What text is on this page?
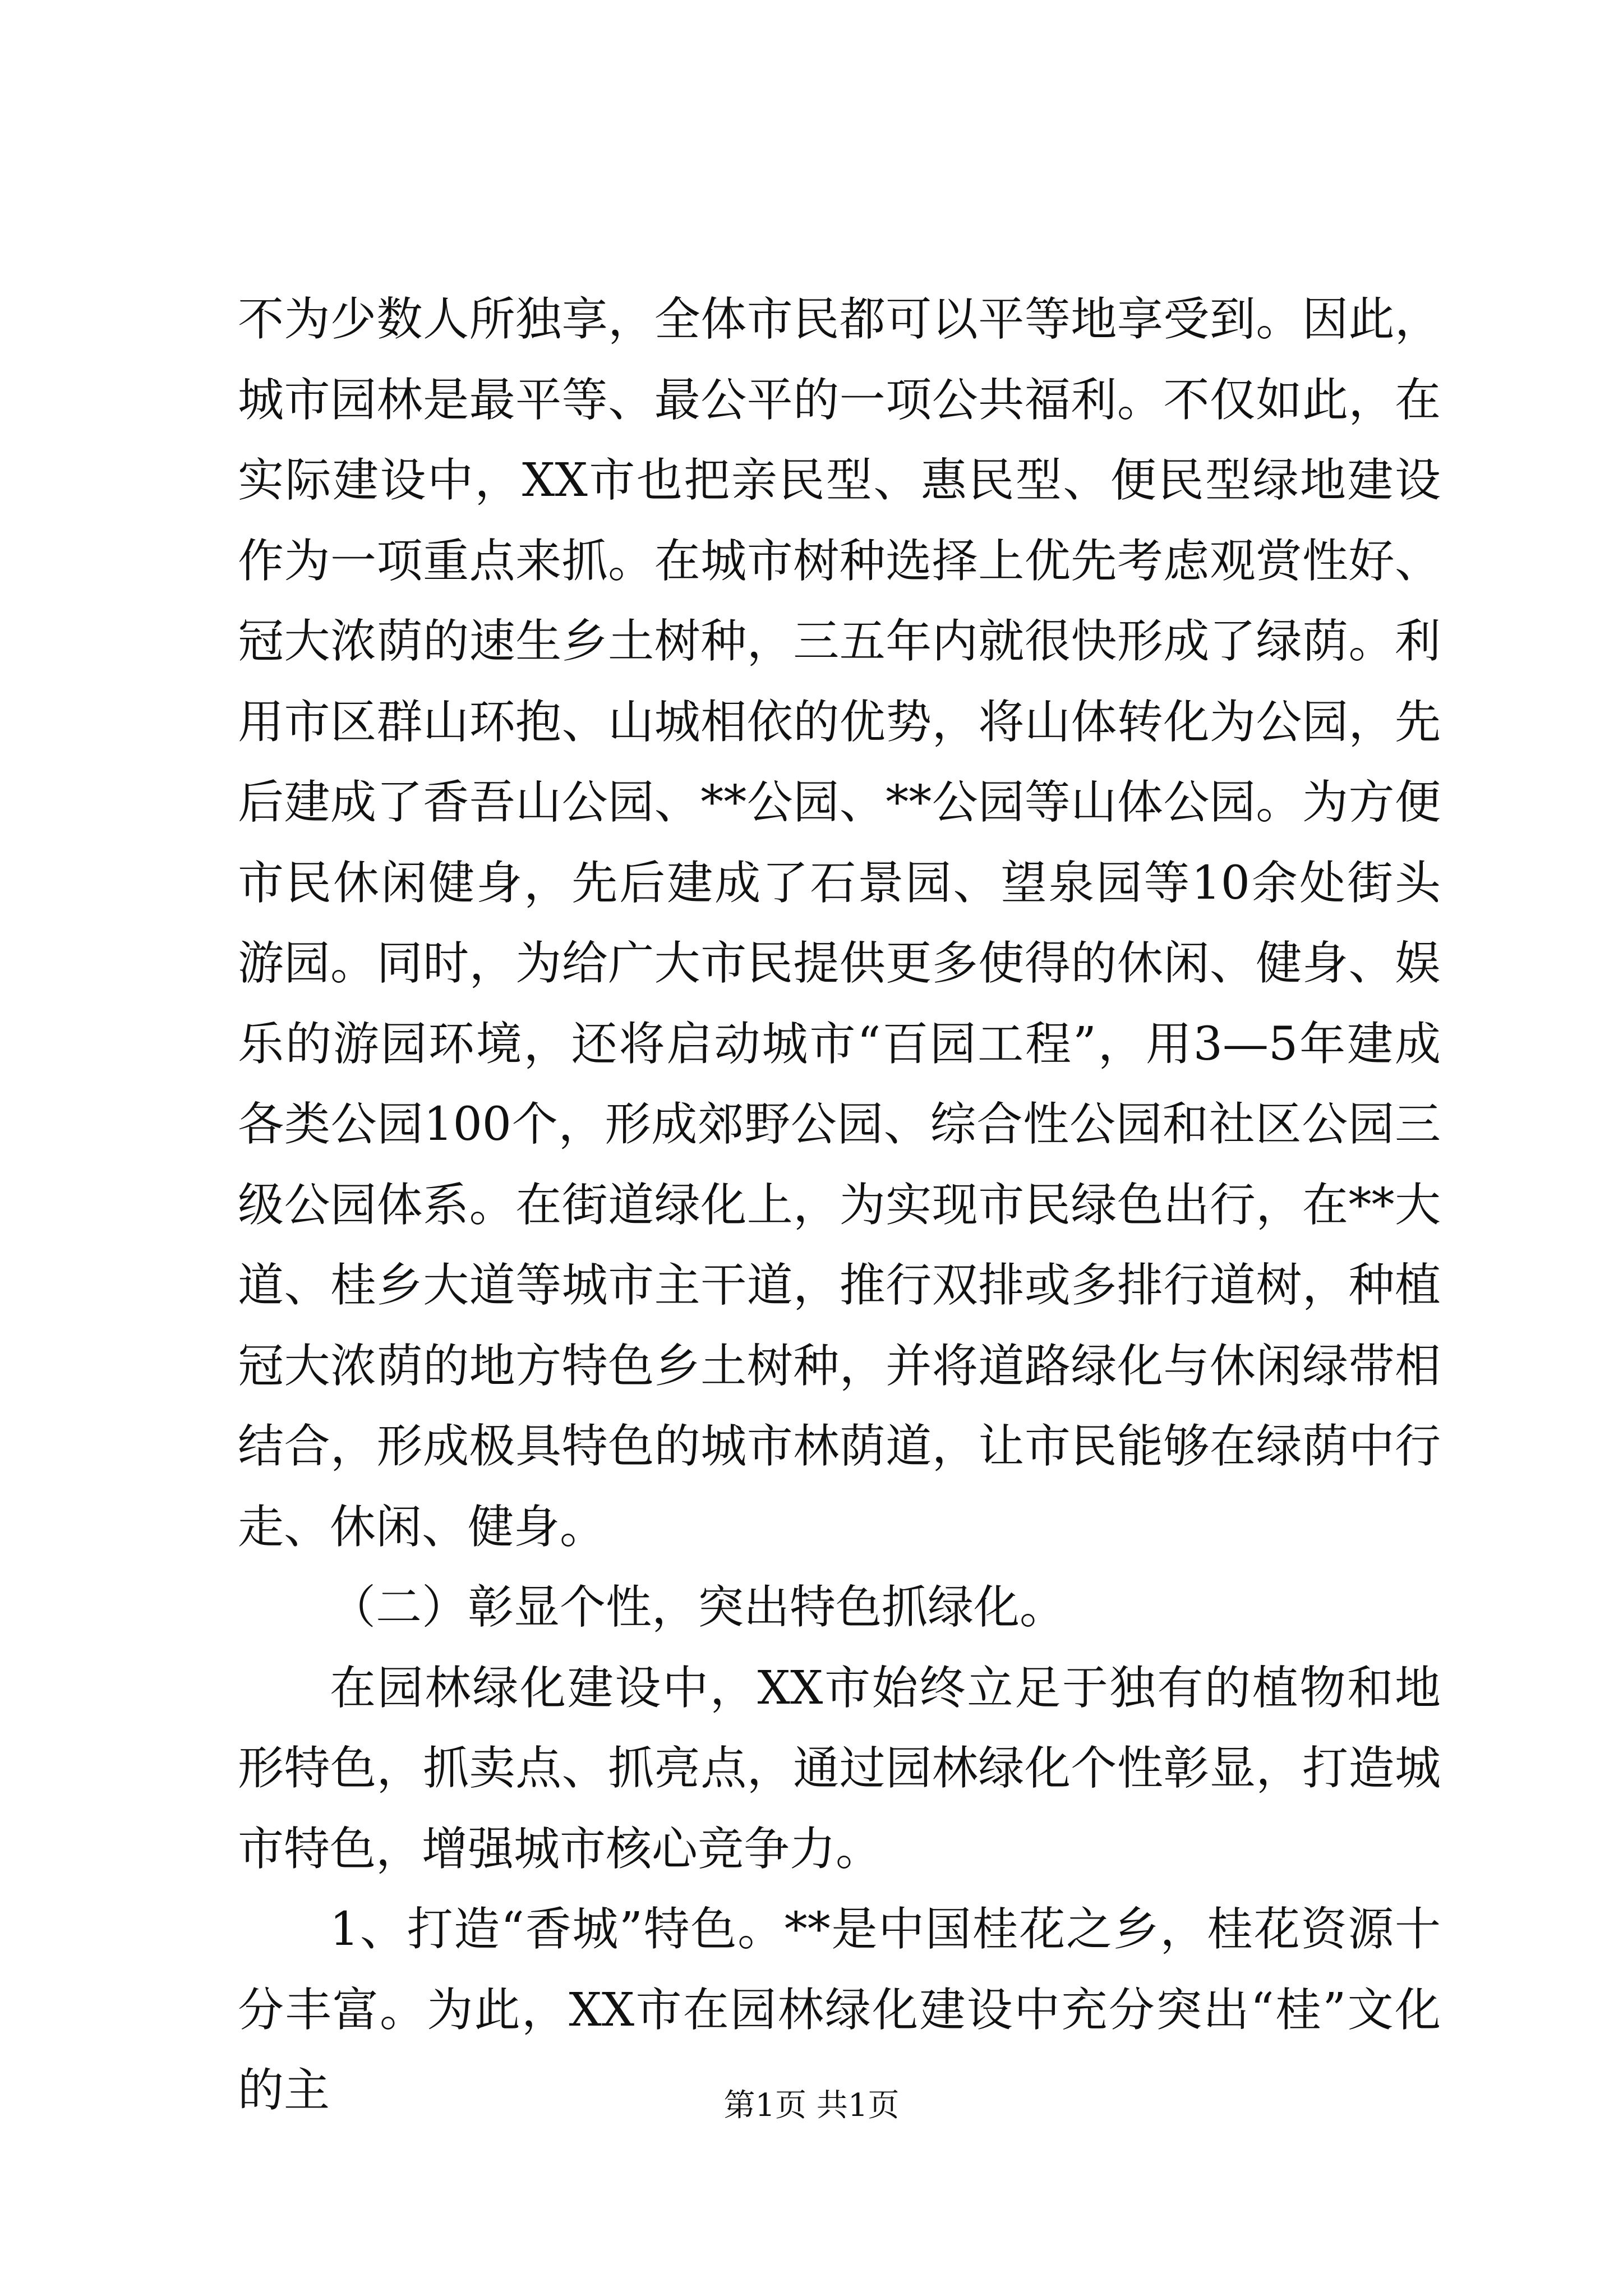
不为少数人所独享，全体市民都可以平等地享受到。因此，城市园林是最平等、最公平的一项公共福利。不仅如此，在实际建设中，XX市也把亲民型、惠民型、便民型绿地建设作为一项重点来抓。在城市树种选择上优先考虑观赏性好、冠大浓荫的速生乡土树种，三五年内就很快形成了绿荫。利用市区群山环抱、山城相依的优势，将山体转化为公园，先后建成了香吾山公园、**公园、**公园等山体公园。为方便市民休闲健身，先后建成了石景园、望泉园等10余处街头游园。同时，为给广大市民提供更多使得的休闲、健身、娱乐的游园环境，还将启动城市“百园工程”，用3—5年建成各类公园100个，形成郊野公园、综合性公园和社区公园三级公园体系。在街道绿化上，为实现市民绿色出行，在**大道、桂乡大道等城市主干道，推行双排或多排行道树，种植冠大浓荫的地方特色乡土树种，并将道路绿化与休闲绿带相结合，形成极具特色的城市林荫道，让市民能够在绿荫中行走、休闲、健身。

（二）彰显个性，突出特色抓绿化。

在园林绿化建设中，XX市始终立足于独有的植物和地形特色，抓卖点、抓亮点，通过园林绿化个性彰显，打造城市特色，增强城市核心竞争力。

1、打造“香城”特色。**是中国桂花之乡，桂花资源十分丰富。为此，XX市在园林绿化建设中充分突出“桂”文化的主	第1页 共1页
